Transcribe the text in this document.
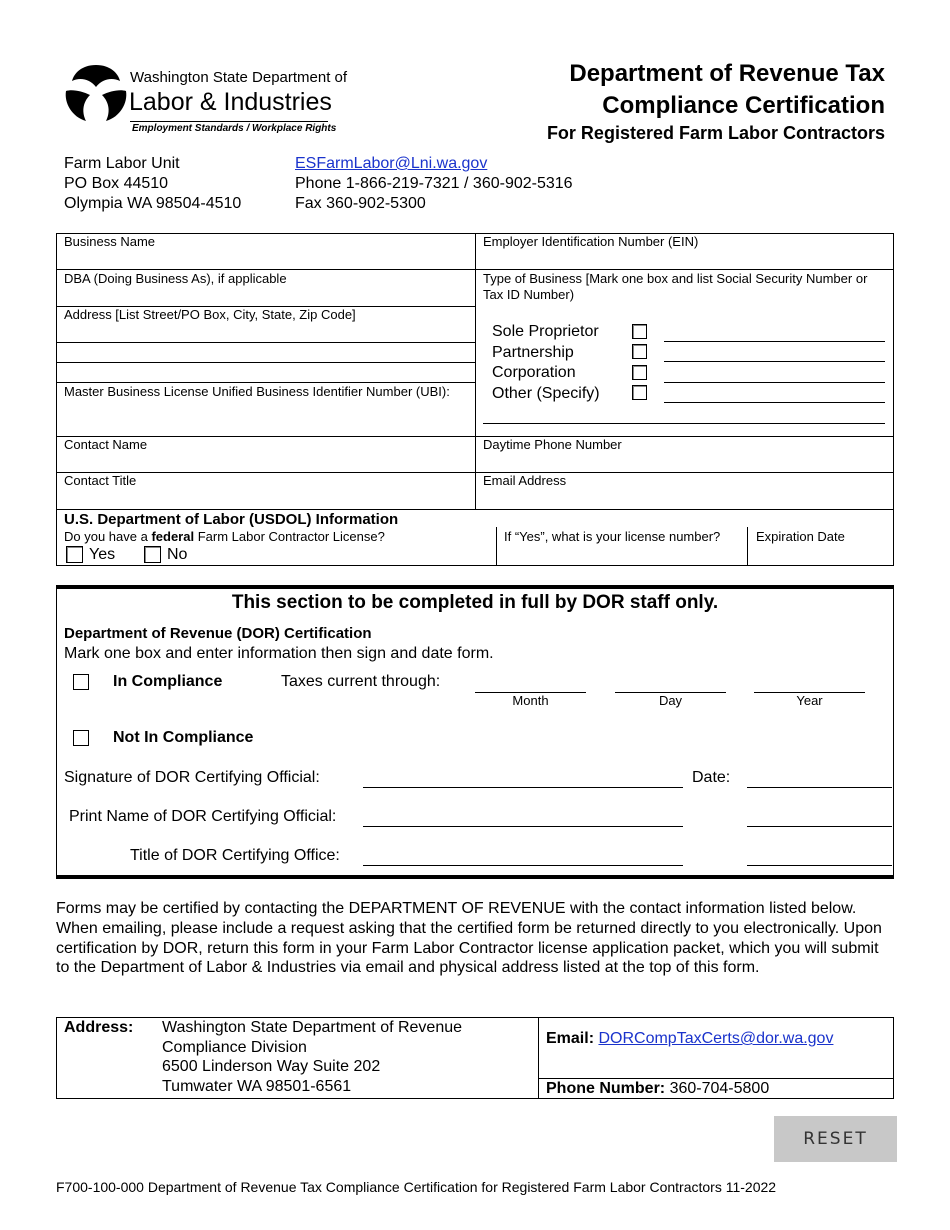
Washington State Department of
Labor & Industries
Employment Standards / Workplace Rights
Department of Revenue Tax
Compliance Certification
For Registered Farm Labor Contractors
Farm Labor Unit
PO Box 44510
Olympia WA 98504-4510
ESFarmLabor@Lni.wa.gov
Phone 1-866-219-7321 / 360-902-5316
Fax 360-902-5300
Business Name	Employer Identification Number (EIN)
DBA (Doing Business As), if applicable	Type of Business [Mark one box and list Social Security Number or Tax ID Number)
Address [List Street/PO Box, City, State, Zip Code]
Master Business License Unified Business Identifier Number (UBI):
Sole Proprietor
Partnership
Corporation
Other (Specify)
Contact Name	Daytime Phone Number
Contact Title	Email Address
U.S. Department of Labor (USDOL) Information
Do you have a federal Farm Labor Contractor License?
Yes	No
If “Yes”, what is your license number?	Expiration Date
This section to be completed in full by DOR staff only.
Department of Revenue (DOR) Certification
Mark one box and enter information then sign and date form.
In Compliance	Taxes current through:
Month	Day	Year
Not In Compliance
Signature of DOR Certifying Official:	Date:
Print Name of DOR Certifying Official:
Title of DOR Certifying Office:
Forms may be certified by contacting the DEPARTMENT OF REVENUE with the contact information listed below. When emailing, please include a request asking that the certified form be returned directly to you electronically. Upon certification by DOR, return this form in your Farm Labor Contractor license application packet, which you will submit to the Department of Labor & Industries via email and physical address listed at the top of this form.
Address: Washington State Department of Revenue
Compliance Division
6500 Linderson Way Suite 202
Tumwater WA 98501-6561
Email: DORCompTaxCerts@dor.wa.gov
Phone Number: 360-704-5800
RESET
F700-100-000 Department of Revenue Tax Compliance Certification for Registered Farm Labor Contractors 11-2022
